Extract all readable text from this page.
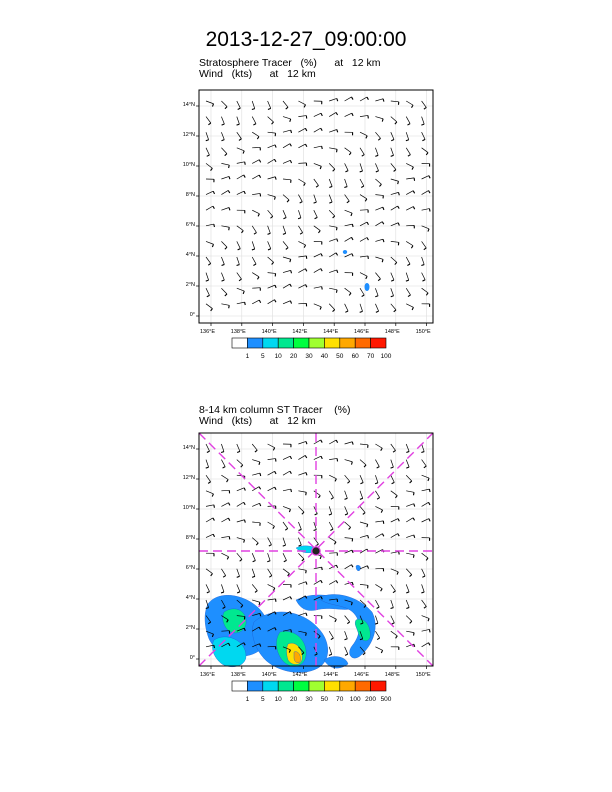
2013-12-27_09:00:00
Stratosphere Tracer   (%)      at   12 km
Wind   (kts)      at   12 km
8-14 km column ST Tracer    (%)
Wind   (kts)      at   12 km
0°
2°N
4°N
6°N
8°N
10°N
12°N
14°N
136°E	138°E	140°E	142°E	144°E	146°E	148°E	150°E
1	5	10	20	30	40	50	60	70 100
0°
2°N
4°N
6°N
8°N
10°N
12°N
14°N
136°E	138°E	140°E	142°E	144°E	146°E	148°E	150°E
1	5	10	20	30	50	70 100 200 500
